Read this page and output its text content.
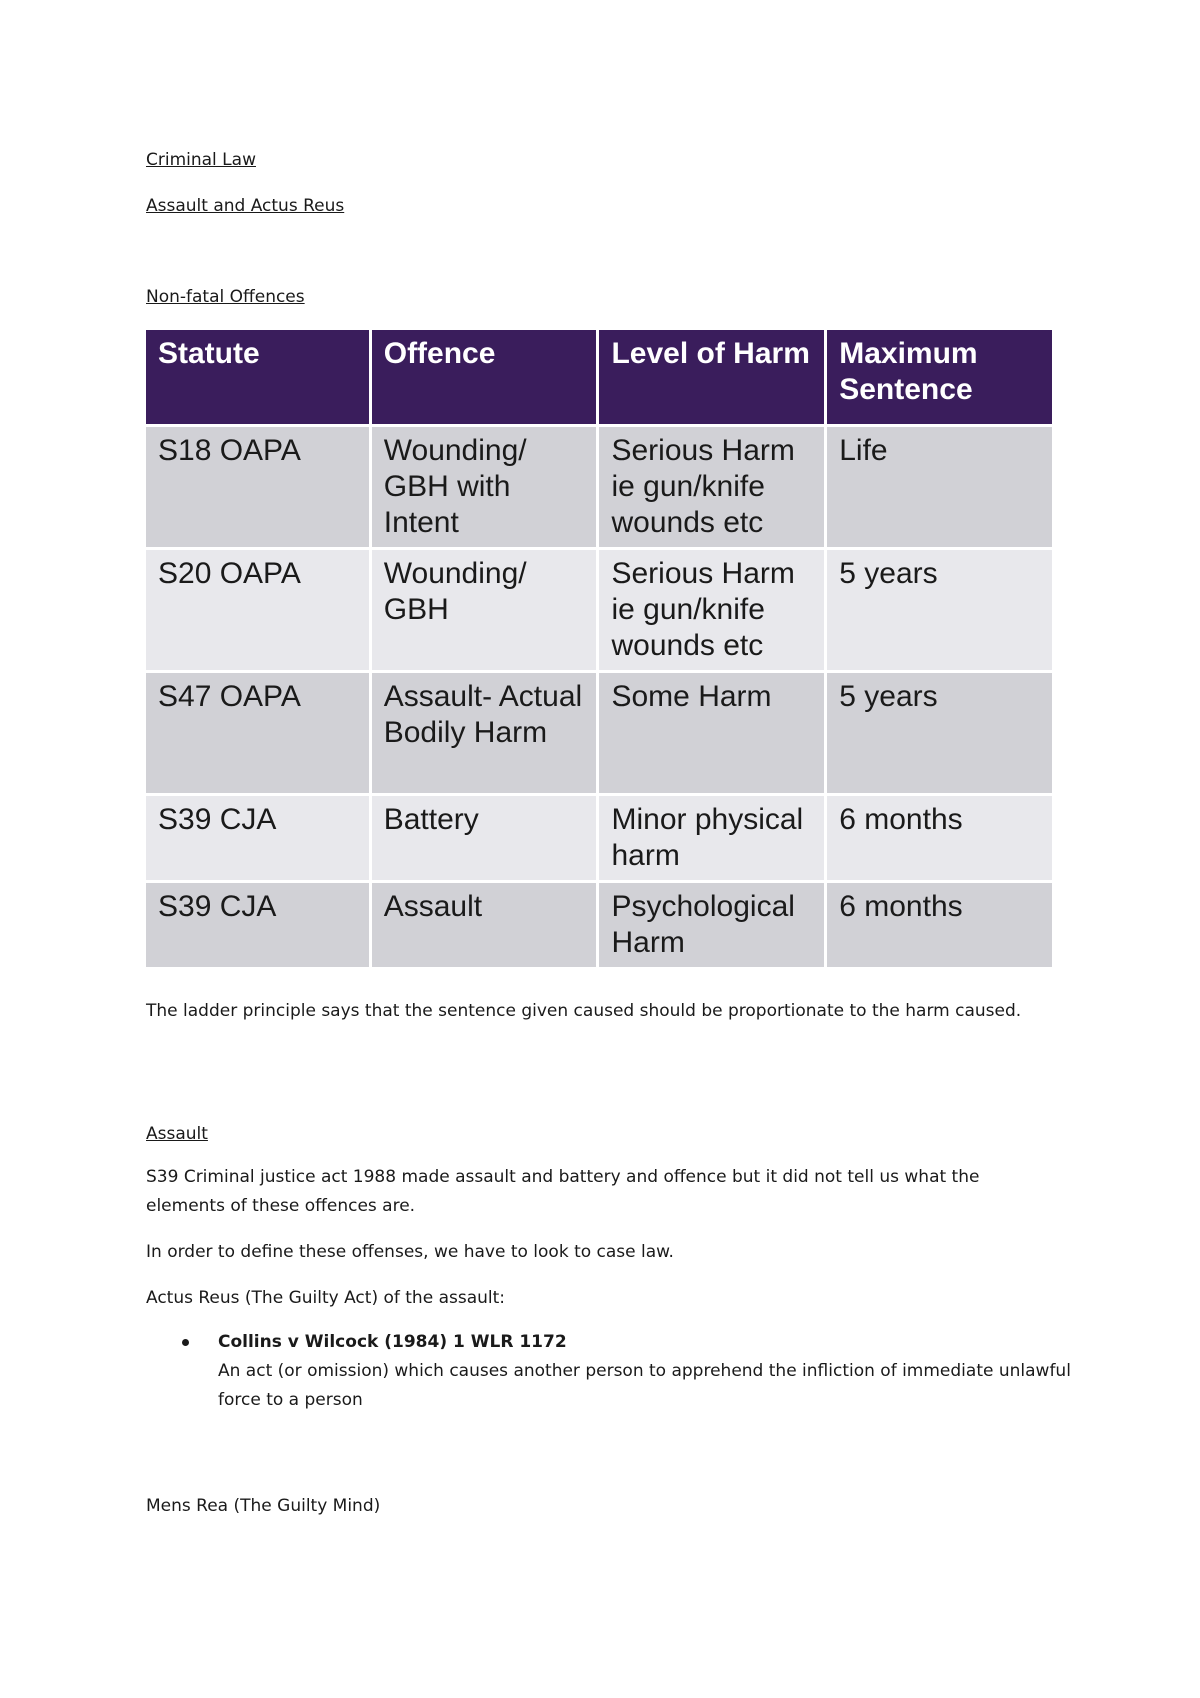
Criminal Law
Assault and Actus Reus
Non-fatal Offences
Statute	Offence	Level of Harm	Maximum Sentence
S18 OAPA	Wounding/ GBH with Intent	Serious Harm ie gun/knife wounds etc	Life
S20 OAPA	Wounding/ GBH	Serious Harm ie gun/knife wounds etc	5 years
S47 OAPA	Assault- Actual Bodily Harm	Some Harm	5 years
S39 CJA	Battery	Minor physical harm	6 months
S39 CJA	Assault	Psychological Harm	6 months
The ladder principle says that the sentence given caused should be proportionate to the harm caused.
Assault
S39 Criminal justice act 1988 made assault and battery and offence but it did not tell us what the elements of these offences are.
In order to define these offenses, we have to look to case law.
Actus Reus (The Guilty Act) of the assault:
Collins v Wilcock (1984) 1 WLR 1172
An act (or omission) which causes another person to apprehend the infliction of immediate unlawful force to a person
Mens Rea (The Guilty Mind)
